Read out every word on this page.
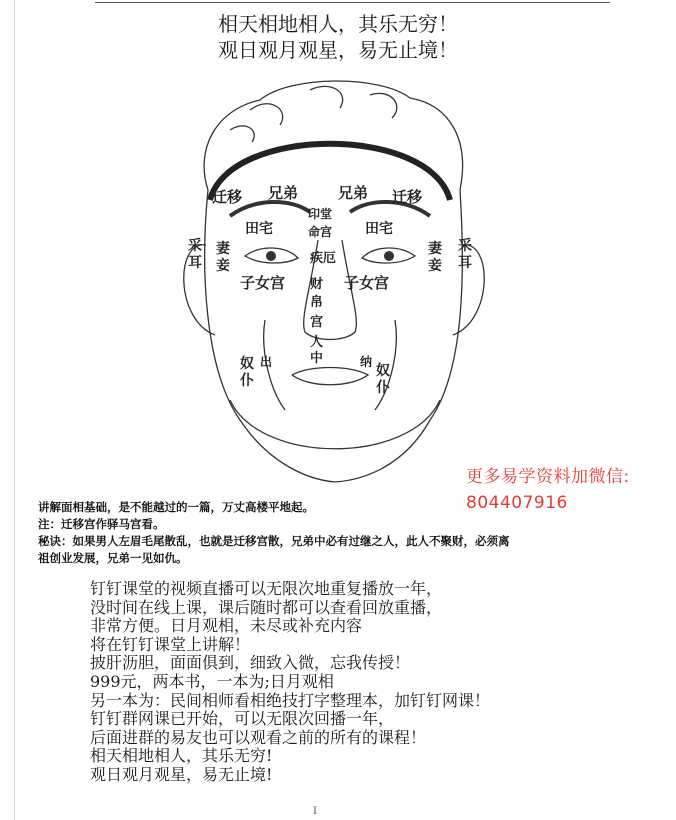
相天相地相人，其乐无穷！
观日观月观星，易无止境！
迁移 兄弟	兄弟 迁移
印堂
命宫
田宅	田宅
疾厄
采耳
采耳
妻妾
妻妾
子女宫	子女宫
财帛
宫
人中
出	纳
奴仆
奴仆
更多易学资料加微信:
804407916
讲解面相基础，是不能越过的一篇，万丈高楼平地起。
注：迁移宫作驿马宫看。
秘诀：如果男人左眉毛尾散乱，也就是迁移宫散，兄弟中必有过继之人，此人不聚财，必须离
祖创业发展，兄弟一见如仇。
钉钉课堂的视频直播可以无限次地重复播放一年，
没时间在线上课，课后随时都可以查看回放重播，
非常方便。日月观相，未尽或补充内容
将在钉钉课堂上讲解！
披肝沥胆，面面俱到，细致入微，忘我传授！
999元，两本书，一本为;日月观相
另一本为：民间相师看相绝技打字整理本，加钉钉网课！
钉钉群网课已开始，可以无限次回播一年，
后面进群的易友也可以观看之前的所有的课程！
相天相地相人，其乐无穷!
观日观月观星，易无止境!
I
